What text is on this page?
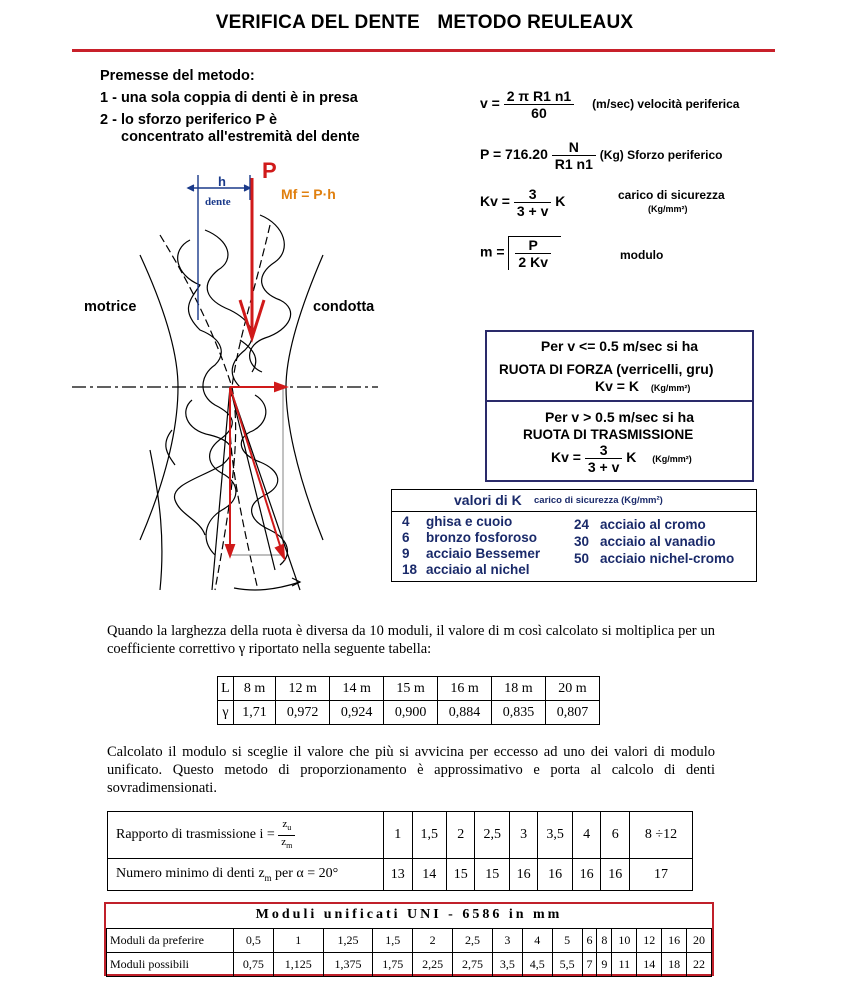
VERIFICA DEL DENTE METODO REULEAUX
Premesse del metodo:
1 - una sola coppia di denti è in presa
2 - lo sforzo periferico P è
concentrato all'estremità del dente
h
dente
P
Mf = P·h
motrice	condotta
$v = \frac{\text{2 π R1 n1}}{60} (m/\sec)$ velocità periferica
$P = 716.20 \frac{N}{R1 n1} (Kg)$ Sforzo periferico
$Kv = \frac{3}{3 + v}$ K	carico di sicurezza
(Kg/mm²)
$m = \frac{P}{2 Kv}$	modulo
Per v <= 0.5 m/sec si ha
RUOTA DI FORZA (verricelli, gru)
Kv = K (Kg/mm²)
Per v > 0.5 m/sec si ha
RUOTA DI TRASMISSIONE
$Kv = \frac{3}{3 + v}$ K (Kg/mm²)
valori di K carico di sicurezza (Kg/mm²)
4 ghisa e cuoio
6 bronzo fosforoso
9 acciaio Bessemer
18 acciaio al nichel
24 acciaio al cromo
30 acciaio al vanadio
50 acciaio nichel-cromo
Quando la larghezza della ruota è diversa da 10 moduli, il valore di m così calcolato si moltiplica per un coefficiente correttivo γ riportato nella seguente tabella:
L	8 m	12 m	14 m	15 m	16 m	18 m	20 m
γ	1,71	0,972	0,924	0,900	0,884	0,835	0,807
Calcolato il modulo si sceglie il valore che più si avvicina per eccesso ad uno dei valori di modulo unificato. Questo metodo di proporzionamento è approssimativo e porta al calcolo di denti sovradimensionati.
Rapporto di trasmissione $i = \frac{z_u}{z_m}$	1	1,5	2	2,5	3	3,5	4	6	8 ÷12
Numero minimo di denti $z_m$ per α = 20°	13	14	15	15	16	16	16	16	17
Moduli unificati UNI - 6586 in mm
Moduli da preferire	0,5	1	1,25	1,5	2	2,5	3	4	5	6	8	10	12	16	20
Moduli possibili	0,75	1,125	1,375	1,75	2,25	2,75	3,5	4,5	5,5	7	9	11	14	18	22
